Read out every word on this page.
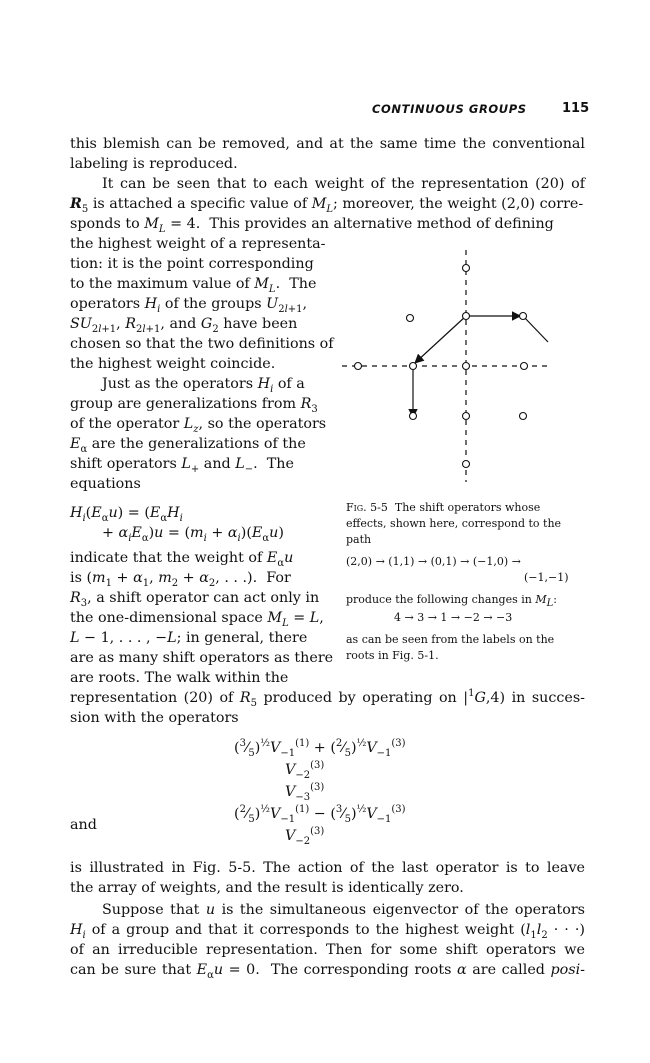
CONTINUOUS GROUPS	115
this blemish can be removed, and at the same time the conventional
labeling is reproduced.
It can be seen that to each weight of the representation (20) of
$R_5$ is attached a specific value of $M_L$; moreover, the weight (2,0) corre-
sponds to $M_L = 4$.  This provides an alternative method of defining
the highest weight of a representa-
tion: it is the point corresponding
to the maximum value of $M_L$.  The
operators $H_i$ of the groups $U_{2l+1}$,
$SU_{2l+1}$, $R_{2l+1}$, and $G_2$ have been
chosen so that the two definitions of
the highest weight coincide.
Just as the operators $H_i$ of a
group are generalizations from $R_3$
of the operator $L_z$, so the operators
$E_\alpha$ are the generalizations of the
shift operators $L_+$ and $L_-$.  The
equations
$H_i(E_\alpha u) = (E_\alpha H_i$
+ $\alpha_iE_\alpha)u = (m_i + \alpha_i)(E_\alpha u)$
indicate that the weight of $E_\alpha u$
is ($m_1 + \alpha_1$, $m_2 + \alpha_2$, . . .).  For
$R_3$, a shift operator can act only in
the one-dimensional space $M_L = L$,
L − 1, . . . , −L; in general, there
are as many shift operators as there
are roots. The walk within the
Fig. 5-5 The shift operators whose
effects, shown here, correspond to the
path
(2,0) → (1,1) → (0,1) → (−1,0) →
(−1,−1)
produce the following changes in $M_L$:
4 → 3 → 1 → −2 → −3
as can be seen from the labels on the
roots in Fig. 5-1.
representation (20) of $R_5$ produced by operating on $|^1G,4$) in succes-
sion with the operators
$(^3⁄_5)^{\frac{1}{2}}V_{-1}^{(1)}$ + $(^2⁄_5)^{\frac{1}{2}}V_{-1}^{(3)}$
$V_{-2}^{(3)}$
$V_{-3}^{(3)}$
$(^2⁄_5)^{\frac{1}{2}}V_{-1}^{(1)}$ − $(^3⁄_5)^{\frac{1}{2}}V_{-1}^{(3)}$
and
$V_{-2}^{(3)}$
is illustrated in Fig. 5-5. The action of the last operator is to leave
the array of weights, and the result is identically zero.
Suppose that u is the simultaneous eigenvector of the operators
$H_i$ of a group and that it corresponds to the highest weight ($l_1l_2$ · · ·)
of an irreducible representation. Then for some shift operators we
can be sure that $E_\alpha u = 0$.  The corresponding roots α are called posi-
